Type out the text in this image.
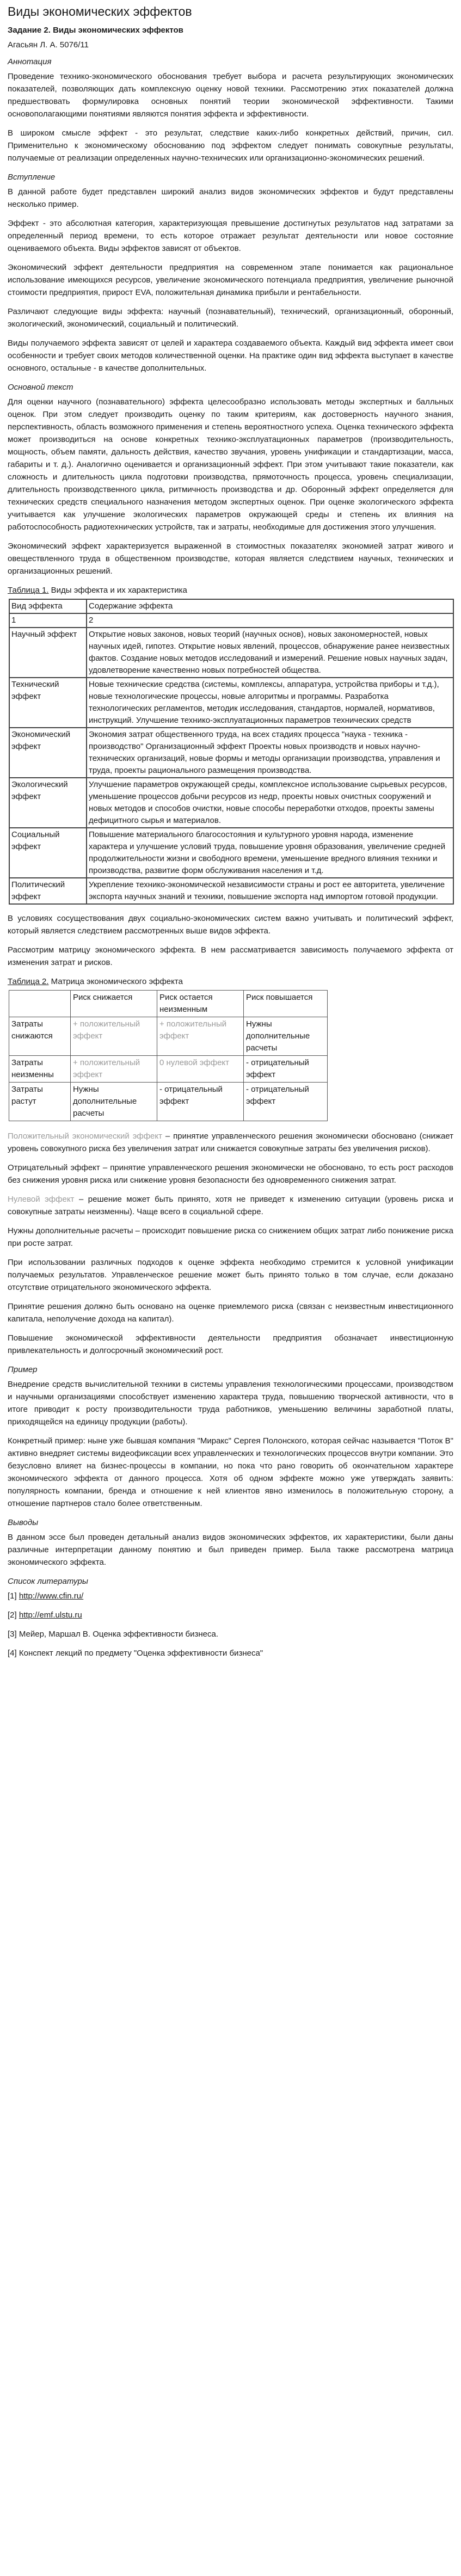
Виды экономических эффектов
Задание 2. Виды экономических эффектов
Агасьян Л. А. 5076/11
Аннотация

Проведение технико-экономического обоснования требует выбора и расчета результирующих экономических показателей, позволяющих дать комплексную оценку новой техники. Рассмотрению этих показателей должна предшествовать формулировка основных понятий теории экономической эффективности. Такими основополагающими понятиями являются понятия эффекта и эффективности.

В широком смысле эффект - это результат, следствие каких-либо конкретных действий, причин, сил. Применительно к экономическому обоснованию под эффектом следует понимать совокупные результаты, получаемые от реализации определенных научно-технических или организационно-экономических решений.

Вступление

В данной работе будет представлен широкий анализ видов экономических эффектов и будут представлены несколько пример.

Эффект - это абсолютная категория, характеризующая превышение достигнутых результатов над затратами за определенный период времени, то есть которое отражает результат деятельности или новое состояние оцениваемого объекта. Виды эффектов зависят от объектов.

Экономический эффект деятельности предприятия на современном этапе понимается как рациональное использование имеющихся ресурсов, увеличение экономического потенциала предприятия, увеличение рыночной стоимости предприятия, прирост EVA, положительная динамика прибыли и рентабельности.

Различают следующие виды эффекта: научный (познавательный), технический, организационный, оборонный, экологический, экономический, социальный и политический.

Виды получаемого эффекта зависят от целей и характера создаваемого объекта. Каждый вид эффекта имеет свои особенности и требует своих методов количественной оценки. На практике один вид эффекта выступает в качестве основного, остальные - в качестве дополнительных.

Основной текст

Для оценки научного (познавательного) эффекта целесообразно использовать методы экспертных и балльных оценок. При этом следует производить оценку по таким критериям, как достоверность научного знания, перспективность, область возможного применения и степень вероятностного успеха. Оценка технического эффекта может производиться на основе конкретных технико-эксплуатационных параметров (производительность, мощность, объем памяти, дальность действия, качество звучания, уровень унификации и стандартизации, масса, габариты и т. д.). Аналогично оценивается и организационный эффект. При этом учитывают такие показатели, как сложность и длительность цикла подготовки производства, прямоточность процесса, уровень специализации, длительность производственного цикла, ритмичность производства и др. Оборонный эффект определяется для технических средств специального назначения методом экспертных оценок. При оценке экологического эффекта учитывается как улучшение экологических параметров окружающей среды и степень их влияния на работоспособность радиотехнических устройств, так и затраты, необходимые для достижения этого улучшения.

Экономический эффект характеризуется выраженной в стоимостных показателях экономией затрат живого и овеществленного труда в общественном производстве, которая является следствием научных, технических и организационных решений.

Таблица 1. Виды эффекта и их характеристика
Вид эффекта	Содержание эффекта
1	2
Научный эффект	Открытие новых законов, новых теорий (научных основ), новых закономерностей, новых научных идей, гипотез. Открытие новых явлений, процессов, обнаружение ранее неизвестных фактов. Создание новых методов исследований и измерений. Решение новых научных задач, удовлетворение качественно новых потребностей общества.
Технический эффект	Новые технические средства (системы, комплексы, аппаратура, устройства приборы и т.д.), новые технологические процессы, новые алгоритмы и программы. Разработка технологических регламентов, методик исследования, стандартов, нормалей, нормативов, инструкций. Улучшение технико-эксплуатационных параметров технических средств
Экономический эффект	Экономия затрат общественного труда, на всех стадиях процесса "наука - техника - производство" Организационный эффект Проекты новых производств и новых научно-технических организаций, новые формы и методы организации производства, управления и труда, проекты рационального размещения производства.
Экологический эффект	Улучшение параметров окружающей среды, комплексное использование сырьевых ресурсов, уменьшение процессов добычи ресурсов из недр, проекты новых очистных сооружений и новых методов и способов очистки, новые способы переработки отходов, проекты замены дефицитного сырья и материалов.
Социальный эффект	Повышение материального благосостояния и культурного уровня народа, изменение характера и улучшение условий труда, повышение уровня образования, увеличение средней продолжительности жизни и свободного времени, уменьшение вредного влияния техники и производства, развитие форм обслуживания населения и т.д.
Политический эффект	Укрепление технико-экономической независимости страны и рост ее авторитета, увеличение экспорта научных знаний и техники, повышение экспорта над импортом готовой продукции.

В условиях сосуществования двух социально-экономических систем важно учитывать и политический эффект, который является следствием рассмотренных выше видов эффекта.

Рассмотрим матрицу экономического эффекта. В нем рассматривается зависимость получаемого эффекта от изменения затрат и рисков.

Таблица 2. Матрица экономического эффекта
	Риск снижается	Риск остается неизменным	Риск повышается
Затраты снижаются	+ положительный эффект	+ положительный эффект	Нужны дополнительные расчеты
Затраты неизменны	+ положительный эффект	0 нулевой эффект	- отрицательный эффект
Затраты растут	Нужны дополнительные расчеты	- отрицательный эффект	- отрицательный эффект

Положительный экономический эффект – принятие управленческого решения экономически обосновано (снижает уровень совокупного риска без увеличения затрат или снижается совокупные затраты без увеличения рисков).

Отрицательный эффект – принятие управленческого решения экономически не обосновано, то есть рост расходов без снижения уровня риска или снижение уровня безопасности без одновременного снижения затрат.

Нулевой эффект – решение может быть принято, хотя не приведет к изменению ситуации (уровень риска и совокупные затраты неизменны). Чаще всего в социальной сфере.

Нужны дополнительные расчеты – происходит повышение риска со снижением общих затрат либо понижение риска при росте затрат.

При использовании различных подходов к оценке эффекта необходимо стремится к условной унификации получаемых результатов. Управленческое решение может быть принято только в том случае, если доказано отсутствие отрицательного экономического эффекта.

Принятие решения должно быть основано на оценке приемлемого риска (связан с неизвестным инвестиционного капитала, неполучение дохода на капитал).

Повышение экономической эффективности деятельности предприятия обозначает инвестиционную привлекательность и долгосрочный экономический рост.

Пример

Внедрение средств вычислительной техники в системы управления технологическими процессами, производством и научными организациями способствует изменению характера труда, повышению творческой активности, что в итоге приводит к росту производительности труда работников, уменьшению величины заработной платы, приходящейся на единицу продукции (работы).

Конкретный пример: ныне уже бывшая компания "Миракс" Сергея Полонского, которая сейчас называется "Поток В" активно внедряет системы видеофиксации всех управленческих и технологических процессов внутри компании. Это безусловно влияет на бизнес-процессы в компании, но пока что рано говорить об окончательном характере экономического эффекта от данного процесса. Хотя об одном эффекте можно уже утверждать заявить: популярность компании, бренда и отношение к ней клиентов явно изменилось в положительную сторону, а отношение партнеров стало более ответственным.

Выводы

В данном эссе был проведен детальный анализ видов экономических эффектов, их характеристики, были даны различные интерпретации данному понятию и был приведен пример. Была также рассмотрена матрица экономического эффекта.

Список литературы
[1] http://www.cfin.ru/
[2] http://emf.ulstu.ru
[3] Мейер, Маршал В. Оценка эффективности бизнеса.
[4] Конспект лекций по предмету "Оценка эффективности бизнеса"
